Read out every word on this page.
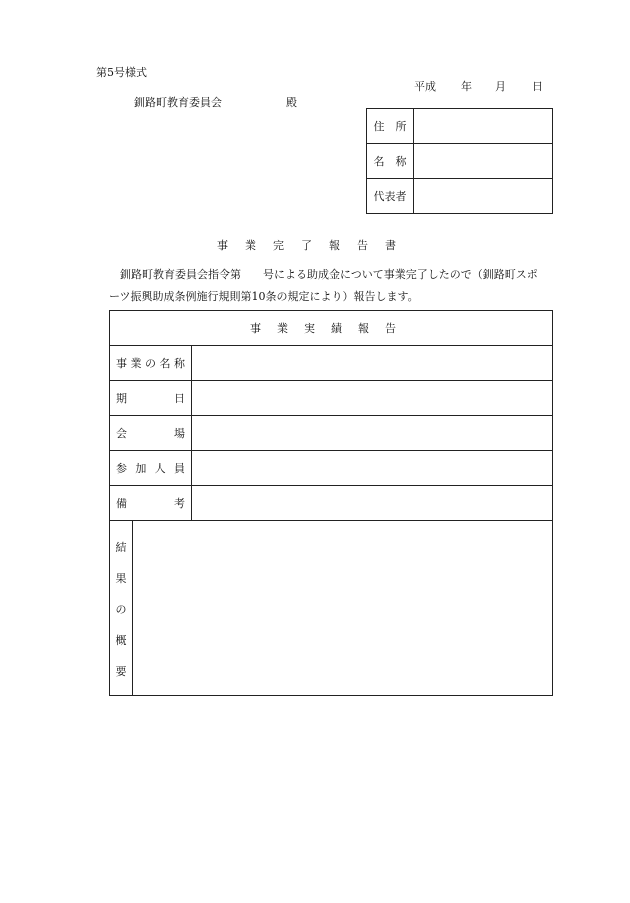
第5号様式
釧路町教育委員会	殿
平成 年 月 日
住　所	
名　称	
代表者	
事業完了報告書
釧路町教育委員会指令第　　号による助成金について事業完了したので（釧路町スポ
ーツ振興助成条例施行規則第10条の規定により）報告します。
事業実績報告

事 業 の 名 称

期	日

会	場

参 加 人 員

備	考

結
果
の
概
要
